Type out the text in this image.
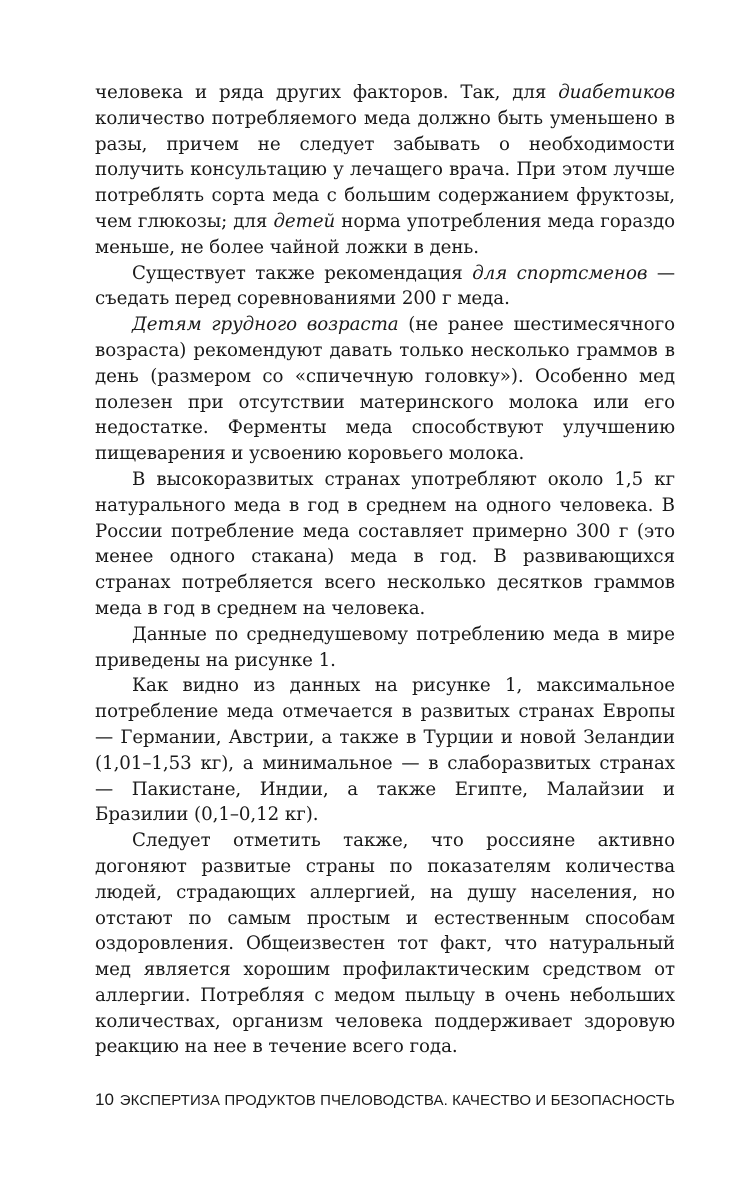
человека и ряда других факторов. Так, для диабетиков количество потребляемого меда должно быть уменьшено в разы, причем не следует забывать о необходимости получить консультацию у лечащего врача. При этом лучше потреблять сорта меда с большим содержанием фруктозы, чем глюкозы; для детей норма употребления меда гораздо меньше, не более чайной ложки в день.

Существует также рекомендация для спортсменов — съедать перед соревнованиями 200 г меда.

Детям грудного возраста (не ранее шестимесячного возраста) рекомендуют давать только несколько граммов в день (размером со «спичечную головку»). Особенно мед полезен при отсутствии материнского молока или его недостатке. Ферменты меда способствуют улучшению пищеварения и усвоению коровьего молока.

В высокоразвитых странах употребляют около 1,5 кг натурального меда в год в среднем на одного человека. В России потребление меда составляет примерно 300 г (это менее одного стакана) меда в год. В развивающихся странах потребляется всего несколько десятков граммов меда в год в среднем на человека.

Данные по среднедушевому потреблению меда в мире приведены на рисунке 1.

Как видно из данных на рисунке 1, максимальное потребление меда отмечается в развитых странах Европы — Германии, Австрии, а также в Турции и новой Зеландии (1,01–1,53 кг), а минимальное — в слаборазвитых странах — Пакистане, Индии, а также Египте, Малайзии и Бразилии (0,1–0,12 кг).

Следует отметить также, что россияне активно догоняют развитые страны по показателям количества людей, страдающих аллергией, на душу населения, но отстают по самым простым и естественным способам оздоровления. Общеизвестен тот факт, что натуральный мед является хорошим профилактическим средством от аллергии. Потребляя с медом пыльцу в очень небольших количествах, организм человека поддерживает здоровую реакцию на нее в течение всего года.

10 ЭКСПЕРТИЗА ПРОДУКТОВ ПЧЕЛОВОДСТВА. КАЧЕСТВО И БЕЗОПАСНОСТЬ
